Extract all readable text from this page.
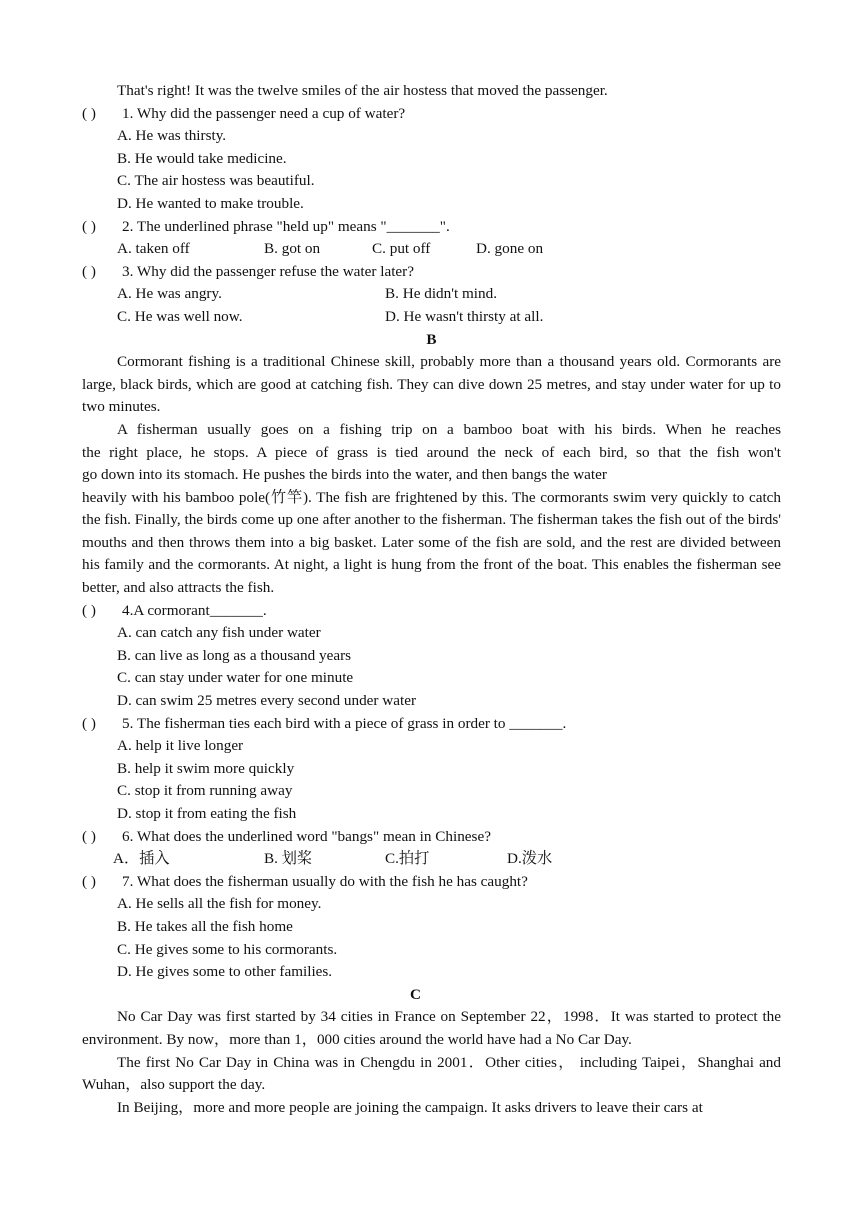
That's right! It was the twelve smiles of the air hostess that moved the passenger.
( ) 1. Why did the passenger need a cup of water?
A. He was thirsty.
B. He would take medicine.
C. The air hostess was beautiful.
D. He wanted to make trouble.
( ) 2. The underlined phrase "held up" means "_______".
A. taken off	B. got on	C. put off	D. gone on
( ) 3. Why did the passenger refuse the water later?
A. He was angry.	B. He didn't mind.
C. He was well now.	D. He wasn't thirsty at all.
B
Cormorant fishing is a traditional Chinese skill, probably more than a thousand years old. Cormorants are large, black birds, which are good at catching fish. They can dive down 25 metres, and stay under water for up to two minutes.
A fisherman usually goes on a fishing trip on a bamboo boat with his birds. When he reaches
the right place, he stops. A piece of grass is tied around the neck of each bird, so that the fish won't
go down into its stomach. He pushes the birds into the water, and then bangs the water
heavily with his bamboo pole(竹竿). The fish are frightened by this. The cormorants swim very quickly to catch the fish. Finally, the birds come up one after another to the fisherman. The fisherman takes the fish out of the birds' mouths and then throws them into a big basket. Later some of the fish are sold, and the rest are divided between his family and the cormorants. At night, a light is hung from the front of the boat. This enables the fisherman see better, and also attracts the fish.
( ) 4.A cormorant_______.
A. can catch any fish under water
B. can live as long as a thousand years
C. can stay under water for one minute
D. can swim 25 metres every second under water
( ) 5. The fisherman ties each bird with a piece of grass in order to _______.
A. help it live longer
B. help it swim more quickly
C. stop it from running away
D. stop it from eating the fish
( ) 6. What does the underlined word "bangs" mean in Chinese?
A．插入	B. 划桨	C.拍打	D.泼水
( ) 7. What does the fisherman usually do with the fish he has caught?
A. He sells all the fish for money.
B. He takes all the fish home
C. He gives some to his cormorants.
D. He gives some to other families.
C
No Car Day was first started by 34 cities in France on September 22，1998．It was started to protect the environment. By now，more than 1，000 cities around the world have had a No Car Day.
The first No Car Day in China was in Chengdu in 2001．Other cities， including Taipei，Shanghai and Wuhan，also support the day.
In Beijing，more and more people are joining the campaign. It asks drivers to leave their cars at
